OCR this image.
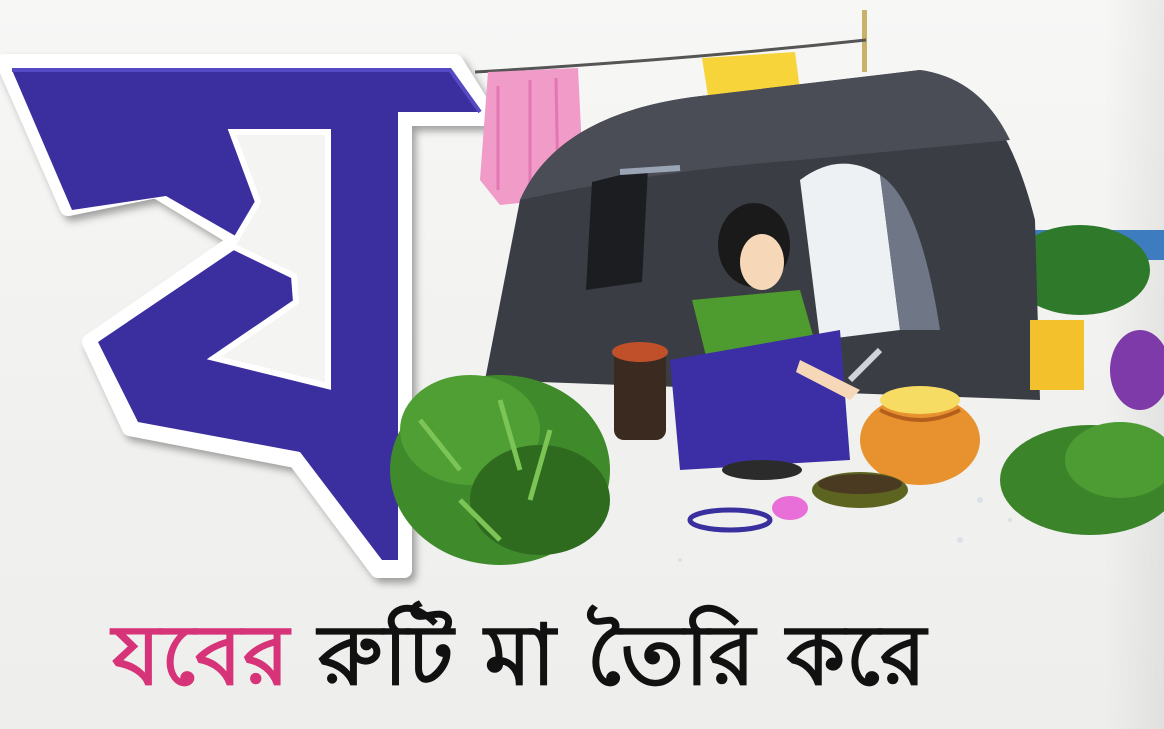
যবের রুটি মা তৈরি করে
